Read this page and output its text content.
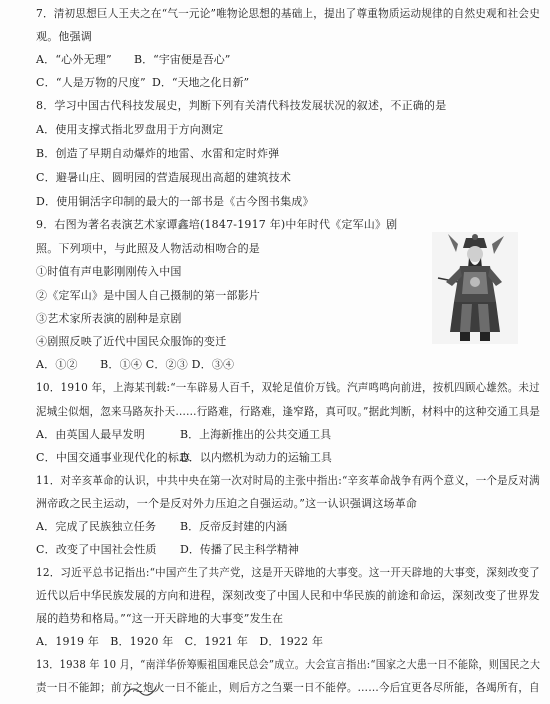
7．清初思想巨人王夫之在“气一元论”唯物论思想的基础上，提出了尊重物质运动规律的自然史观和社会史
观。他强调
A．“心外无理” B．“宇宙便是吾心”
C．“人是万物的尺度” D．“天地之化日新”
8．学习中国古代科技发展史，判断下列有关清代科技发展状况的叙述，不正确的是
A．使用支撑式指北罗盘用于方向测定
B．创造了早期自动爆炸的地雷、水雷和定时炸弹
C．避暑山庄、圆明园的营造展现出高超的建筑技术
D．使用铜活字印制的最大的一部书是《古今图书集成》
9．右图为著名表演艺术家谭鑫培(1847-1917 年)中年时代《定军山》剧
照。下列项中，与此照及人物活动相吻合的是
①时值有声电影刚刚传入中国
②《定军山》是中国人自己摄制的第一部影片
③艺术家所表演的剧种是京剧
④剧照反映了近代中国民众服饰的变迁
A．①②　　B．①④ C．②③ D．③④
10．1910 年，上海某刊载:“一车辟易人百千，双轮足值价万钱。汽声鸣鸣向前进，按机四顾心雄然。未过
泥城尘似烟，忽来马路灰扑天……行路难，行路难，逢窄路，真可叹。”据此判断，材料中的这种交通工具是
A．由英国人最早发明	B．上海新推出的公共交通工具
C．中国交通事业现代化的标志
D．以内燃机为动力的运输工具
11．对辛亥革命的认识，中共中央在第一次对时局的主张中指出:“辛亥革命战争有两个意义，一个是反对满
洲帝政之民主运动，一个是反对外力压迫之自强运动。”这一认识强调这场革命
A．完成了民族独立任务 B．反帝反封建的内涵
C．改变了中国社会性质 D．传播了民主科学精神
12．习近平总书记指出:“中国产生了共产党，这是开天辟地的大事变。这一开天辟地的大事变，深刻改变了
近代以后中华民族发展的方向和进程，深刻改变了中国人民和中华民族的前途和命运，深刻改变了世界发
展的趋势和格局。”“这一开天辟地的大事变”发生在
A．1919 年　B．1920 年　C．1921 年　D．1922 年
13．1938 年 10 月，“南洋华侨筹赈祖国难民总会”成立。大会宣言指出:“国家之大患一日不能除，则国民之大
责一日不能卸；前方之炮火一日不能止，则后方之刍粟一日不能停。……今后宜更各尽所能，各竭所有，自
